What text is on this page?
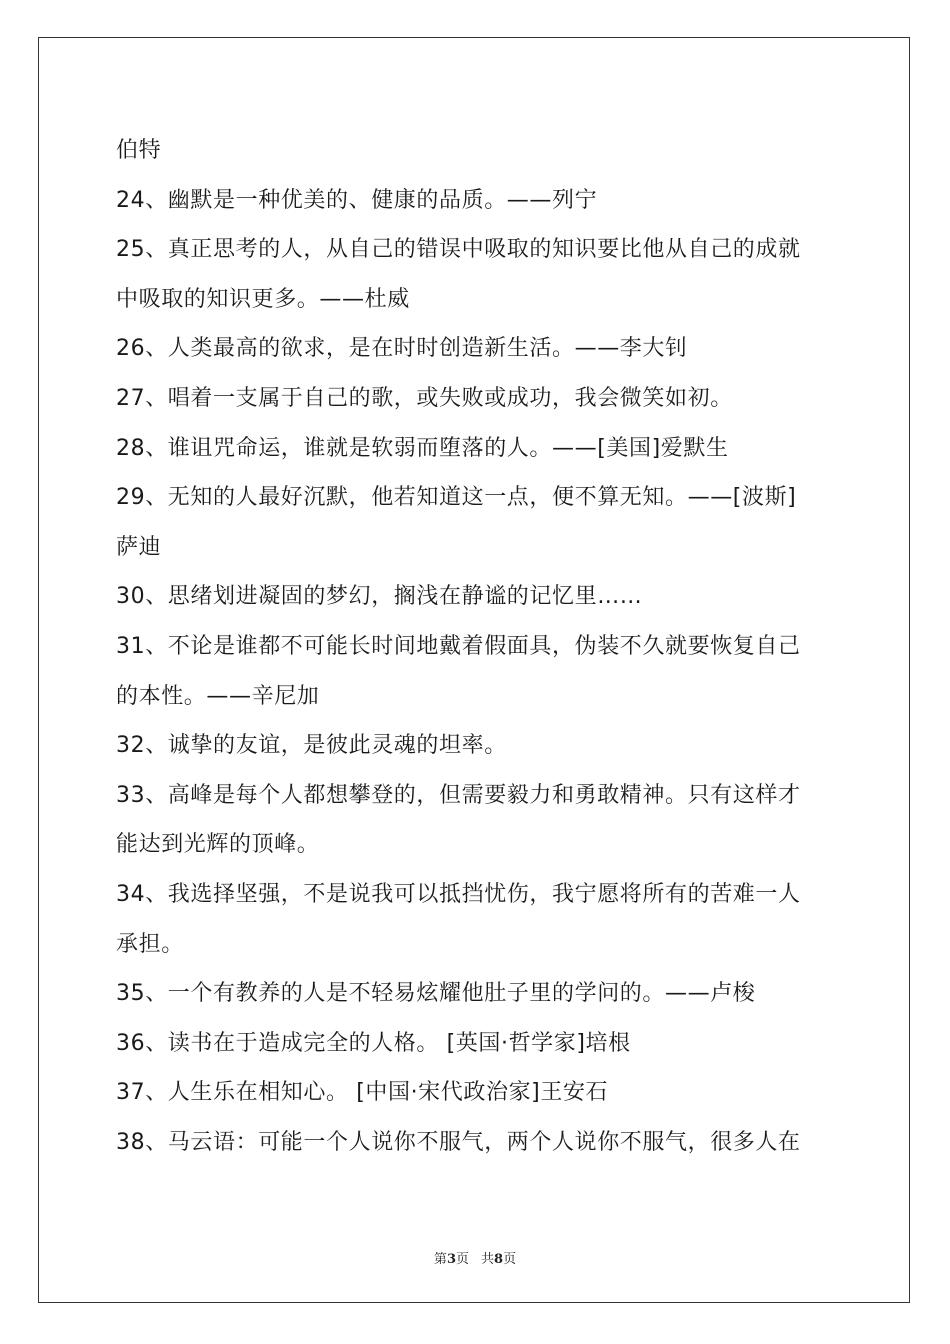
伯特
24、幽默是一种优美的、健康的品质。——列宁
25、真正思考的人，从自己的错误中吸取的知识要比他从自己的成就
中吸取的知识更多。——杜威
26、人类最高的欲求，是在时时创造新生活。——李大钊
27、唱着一支属于自己的歌，或失败或成功，我会微笑如初。
28、谁诅咒命运，谁就是软弱而堕落的人。——[美国]爱默生
29、无知的人最好沉默，他若知道这一点，便不算无知。——[波斯]
萨迪
30、思绪划进凝固的梦幻，搁浅在静谧的记忆里……
31、不论是谁都不可能长时间地戴着假面具，伪装不久就要恢复自己
的本性。——辛尼加
32、诚挚的友谊，是彼此灵魂的坦率。
33、高峰是每个人都想攀登的，但需要毅力和勇敢精神。只有这样才
能达到光辉的顶峰。
34、我选择坚强，不是说我可以抵挡忧伤，我宁愿将所有的苦难一人
承担。
35、一个有教养的人是不轻易炫耀他肚子里的学问的。——卢梭
36、读书在于造成完全的人格。 [英国·哲学家]培根
37、人生乐在相知心。 [中国·宋代政治家]王安石
38、马云语：可能一个人说你不服气，两个人说你不服气，很多人在
第3页 共8页
